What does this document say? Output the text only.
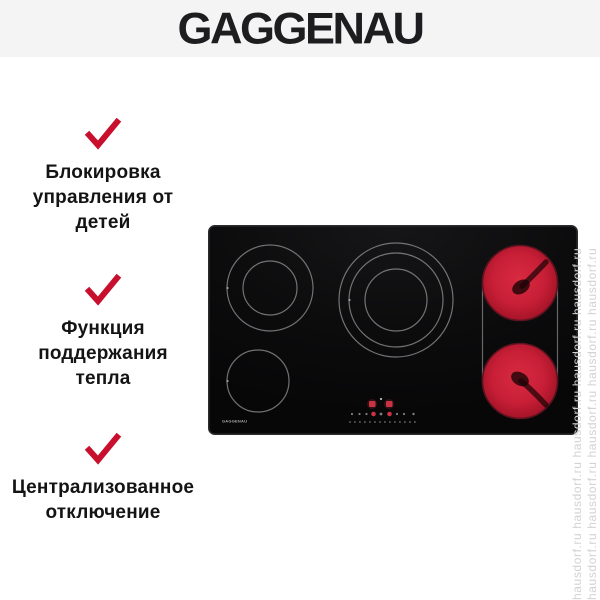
GAGGENAU
Блокировка
управления от
детей
Функция
поддержания
тепла
Централизованное
отключение
GAGGENAU	hausdorf.ru hausdorf.ru hausdorf.ru hausdorf.ru hausdorf.ru hausdorf.ru hausdorf.ru hausdorf.ru hausdorf.ru hausdorf.ru
